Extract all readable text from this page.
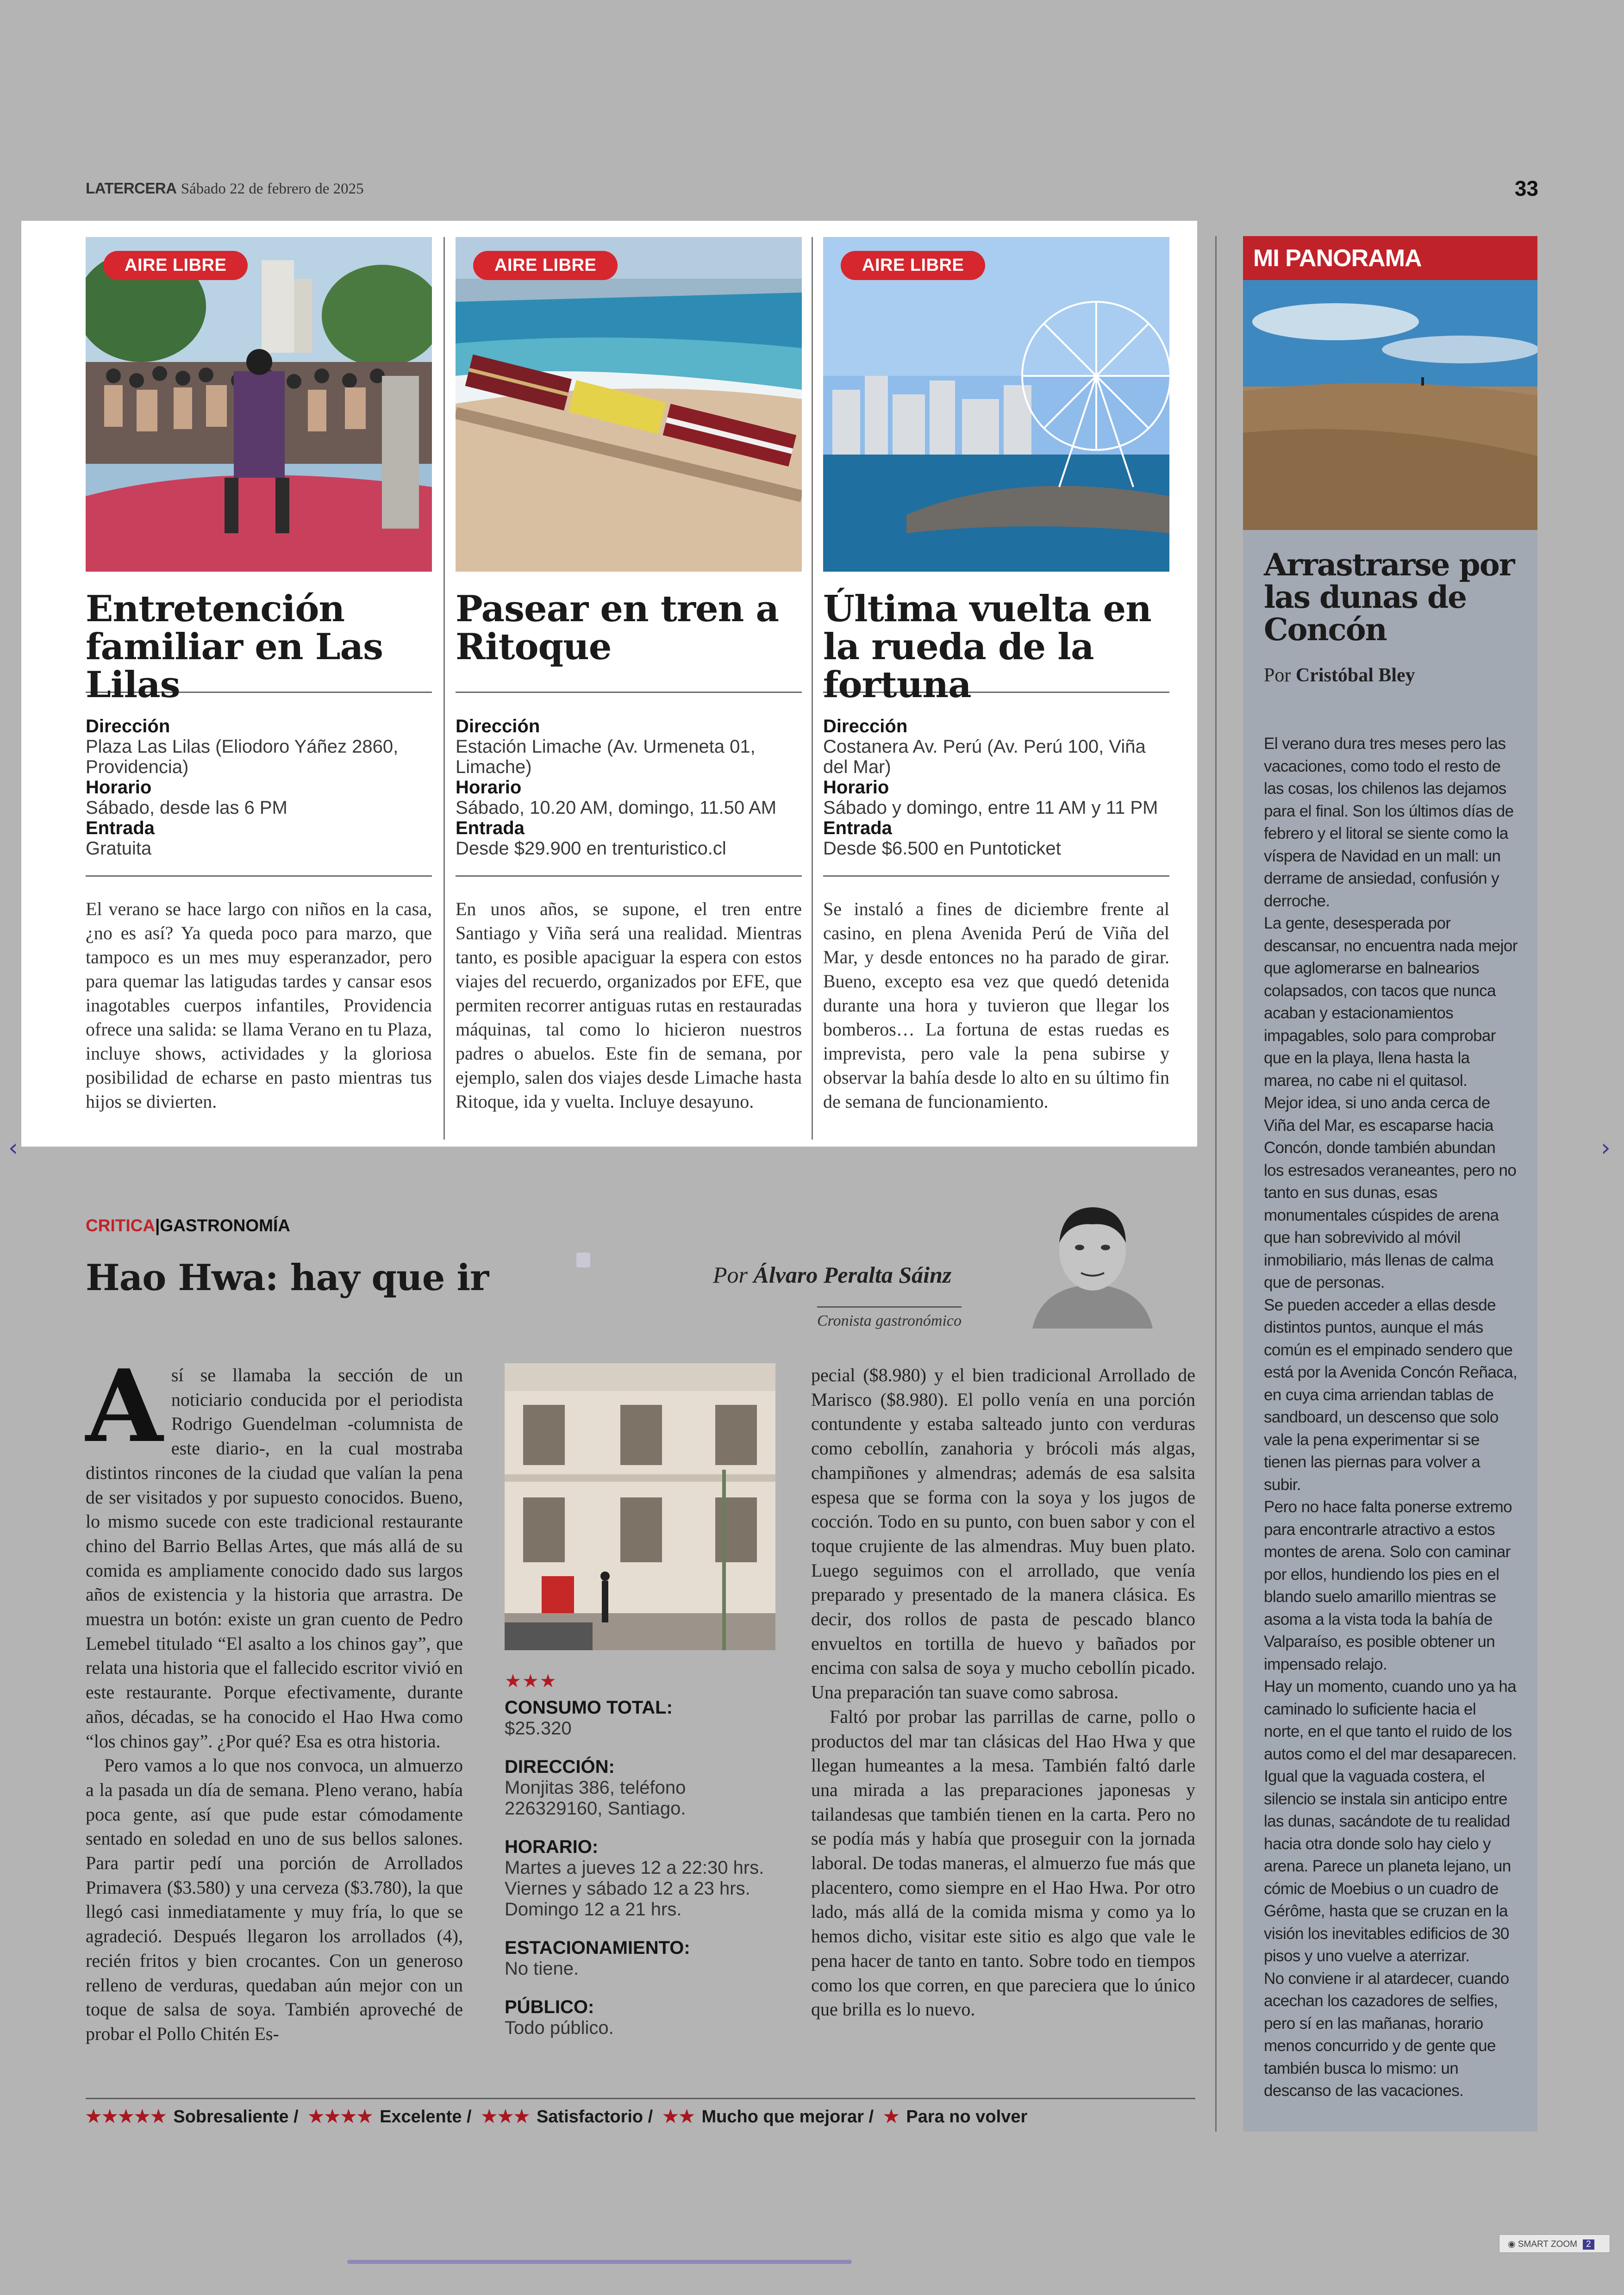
LATERCERA Sábado 22 de febrero de 2025	33
AIRE LIBRE
Entretención familiar en Las Lilas
Dirección
Plaza Las Lilas (Eliodoro Yáñez 2860, Providencia)
Horario
Sábado, desde las 6 PM
Entrada
Gratuita

El verano se hace largo con niños en la casa, ¿no es así? Ya queda poco para marzo, que tampoco es un mes muy esperanzador, pero para quemar las latigudas tardes y cansar esos inagotables cuerpos infantiles, Providencia ofrece una salida: se llama Verano en tu Plaza, incluye shows, actividades y la gloriosa posibilidad de echarse en pasto mientras tus hijos se divierten.

AIRE LIBRE
Pasear en tren a Ritoque
Dirección
Estación Limache (Av. Urmeneta 01, Limache)
Horario
Sábado, 10.20 AM, domingo, 11.50 AM
Entrada
Desde $29.900 en trenturistico.cl

En unos años, se supone, el tren entre Santiago y Viña será una realidad. Mientras tanto, es posible apaciguar la espera con estos viajes del recuerdo, organizados por EFE, que permiten recorrer antiguas rutas en restauradas máquinas, tal como lo hicieron nuestros padres o abuelos. Este fin de semana, por ejemplo, salen dos viajes desde Limache hasta Ritoque, ida y vuelta. Incluye desayuno.

AIRE LIBRE
Última vuelta en la rueda de la fortuna
Dirección
Costanera Av. Perú (Av. Perú 100, Viña del Mar)
Horario
Sábado y domingo, entre 11 AM y 11 PM
Entrada
Desde $6.500 en Puntoticket

Se instaló a fines de diciembre frente al casino, en plena Avenida Perú de Viña del Mar, y desde entonces no ha parado de girar. Bueno, excepto esa vez que quedó detenida durante una hora y tuvieron que llegar los bomberos… La fortuna de estas ruedas es imprevista, pero vale la pena subirse y observar la bahía desde lo alto en su último fin de semana de funcionamiento.

MI PANORAMA
Arrastrarse por las dunas de Concón
Por Cristóbal Bley

El verano dura tres meses pero las vacaciones, como todo el resto de las cosas, los chilenos las dejamos para el final. Son los últimos días de febrero y el litoral se siente como la víspera de Navidad en un mall: un derrame de ansiedad, confusión y derroche.

La gente, desesperada por descansar, no encuentra nada mejor que aglomerarse en balnearios colapsados, con tacos que nunca acaban y estacionamientos impagables, solo para comprobar que en la playa, llena hasta la marea, no cabe ni el quitasol.

Mejor idea, si uno anda cerca de Viña del Mar, es escaparse hacia Concón, donde también abundan los estresados veraneantes, pero no tanto en sus dunas, esas monumentales cúspides de arena que han sobrevivido al móvil inmobiliario, más llenas de calma que de personas.

Se pueden acceder a ellas desde distintos puntos, aunque el más común es el empinado sendero que está por la Avenida Concón Reñaca, en cuya cima arriendan tablas de sandboard, un descenso que solo vale la pena experimentar si se tienen las piernas para volver a subir.

Pero no hace falta ponerse extremo para encontrarle atractivo a estos montes de arena. Solo con caminar por ellos, hundiendo los pies en el blando suelo amarillo mientras se asoma a la vista toda la bahía de Valparaíso, es posible obtener un impensado relajo.

Hay un momento, cuando uno ya ha caminado lo suficiente hacia el norte, en el que tanto el ruido de los autos como el del mar desaparecen. Igual que la vaguada costera, el silencio se instala sin anticipo entre las dunas, sacándote de tu realidad hacia otra donde solo hay cielo y arena. Parece un planeta lejano, un cómic de Moebius o un cuadro de Gérôme, hasta que se cruzan en la visión los inevitables edificios de 30 pisos y uno vuelve a aterrizar.

No conviene ir al atardecer, cuando acechan los cazadores de selfies, pero sí en las mañanas, horario menos concurrido y de gente que también busca lo mismo: un descanso de las vacaciones.

CRITICA|GASTRONOMÍA
Hao Hwa: hay que ir	Por Álvaro Peralta Sáinz
Cronista gastronómico
A sí se llamaba la sección de un noticiario conducida por el periodista Rodrigo Guendelman -columnista de este diario-, en la cual mostraba distintos rincones de la ciudad que valían la pena de ser visitados y por supuesto conocidos. Bueno, lo mismo sucede con este tradicional restaurante chino del Barrio Bellas Artes, que más allá de su comida es ampliamente conocido dado sus largos años de existencia y la historia que arrastra. De muestra un botón: existe un gran cuento de Pedro Lemebel titulado “El asalto a los chinos gay”, que relata una historia que el fallecido escritor vivió en este restaurante. Porque efectivamente, durante años, décadas, se ha conocido el Hao Hwa como “los chinos gay”. ¿Por qué? Esa es otra historia.

Pero vamos a lo que nos convoca, un almuerzo a la pasada un día de semana. Pleno verano, había poca gente, así que pude estar cómodamente sentado en soledad en uno de sus bellos salones. Para partir pedí una porción de Arrollados Primavera ($3.580) y una cerveza ($3.780), la que llegó casi inmediatamente y muy fría, lo que se agradeció. Después llegaron los arrollados (4), recién fritos y bien crocantes. Con un generoso relleno de verduras, quedaban aún mejor con un toque de salsa de soya. También aproveché de probar el Pollo Chitén Es-

★★★
CONSUMO TOTAL:
$25.320
DIRECCIÓN:
Monjitas 386, teléfono 226329160, Santiago.
HORARIO:
Martes a jueves 12 a 22:30 hrs. Viernes y sábado 12 a 23 hrs. Domingo 12 a 21 hrs.
ESTACIONAMIENTO:
No tiene.
PÚBLICO:
Todo público.

pecial ($8.980) y el bien tradicional Arrollado de Marisco ($8.980). El pollo venía en una porción contundente y estaba salteado junto con verduras como cebollín, zanahoria y brócoli más algas, champiñones y almendras; además de esa salsita espesa que se forma con la soya y los jugos de cocción. Todo en su punto, con buen sabor y con el toque crujiente de las almendras. Muy buen plato. Luego seguimos con el arrollado, que venía preparado y presentado de la manera clásica. Es decir, dos rollos de pasta de pescado blanco envueltos en tortilla de huevo y bañados por encima con salsa de soya y mucho cebollín picado. Una preparación tan suave como sabrosa.

Faltó por probar las parrillas de carne, pollo o productos del mar tan clásicas del Hao Hwa y que llegan humeantes a la mesa. También faltó darle una mirada a las preparaciones japonesas y tailandesas que también tienen en la carta. Pero no se podía más y había que proseguir con la jornada laboral. De todas maneras, el almuerzo fue más que placentero, como siempre en el Hao Hwa. Por otro lado, más allá de la comida misma y como ya lo hemos dicho, visitar este sitio es algo que vale le pena hacer de tanto en tanto. Sobre todo en tiempos como los que corren, en que pareciera que lo único que brilla es lo nuevo.

★★★★★ Sobresaliente / ★★★★ Excelente / ★★★ Satisfactorio / ★★ Mucho que mejorar / ★ Para no volver
‹	›
◉ SMART ZOOM 2
